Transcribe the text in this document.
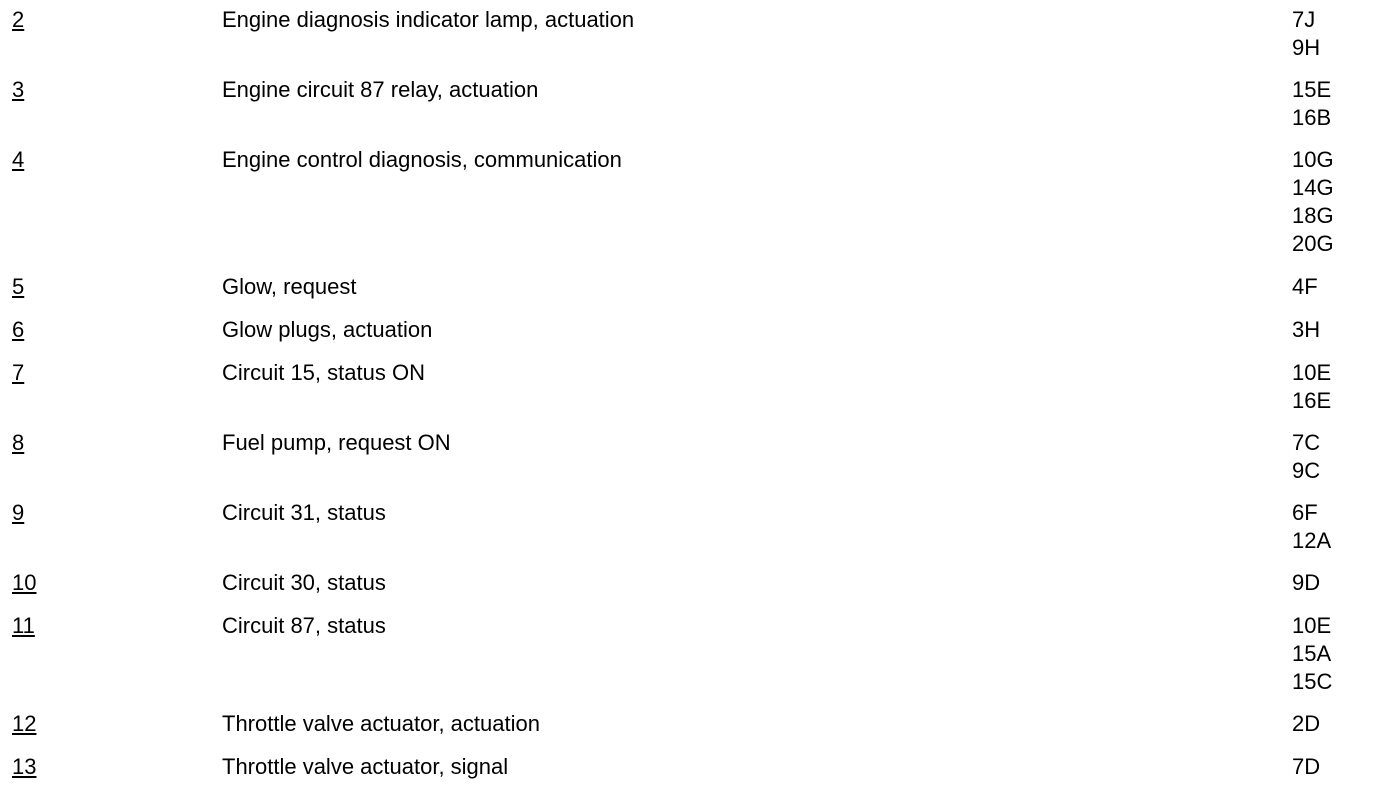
2	Engine diagnosis indicator lamp, actuation	7J
9H
3	Engine circuit 87 relay, actuation	15E
16B
4	Engine control diagnosis, communication	10G
14G
18G
20G
5	Glow, request	4F
6	Glow plugs, actuation	3H
7	Circuit 15, status ON	10E
16E
8	Fuel pump, request ON	7C
9C
9	Circuit 31, status	6F
12A
10	Circuit 30, status	9D
11	Circuit 87, status	10E
15A
15C
12	Throttle valve actuator, actuation	2D
13	Throttle valve actuator, signal	7D
